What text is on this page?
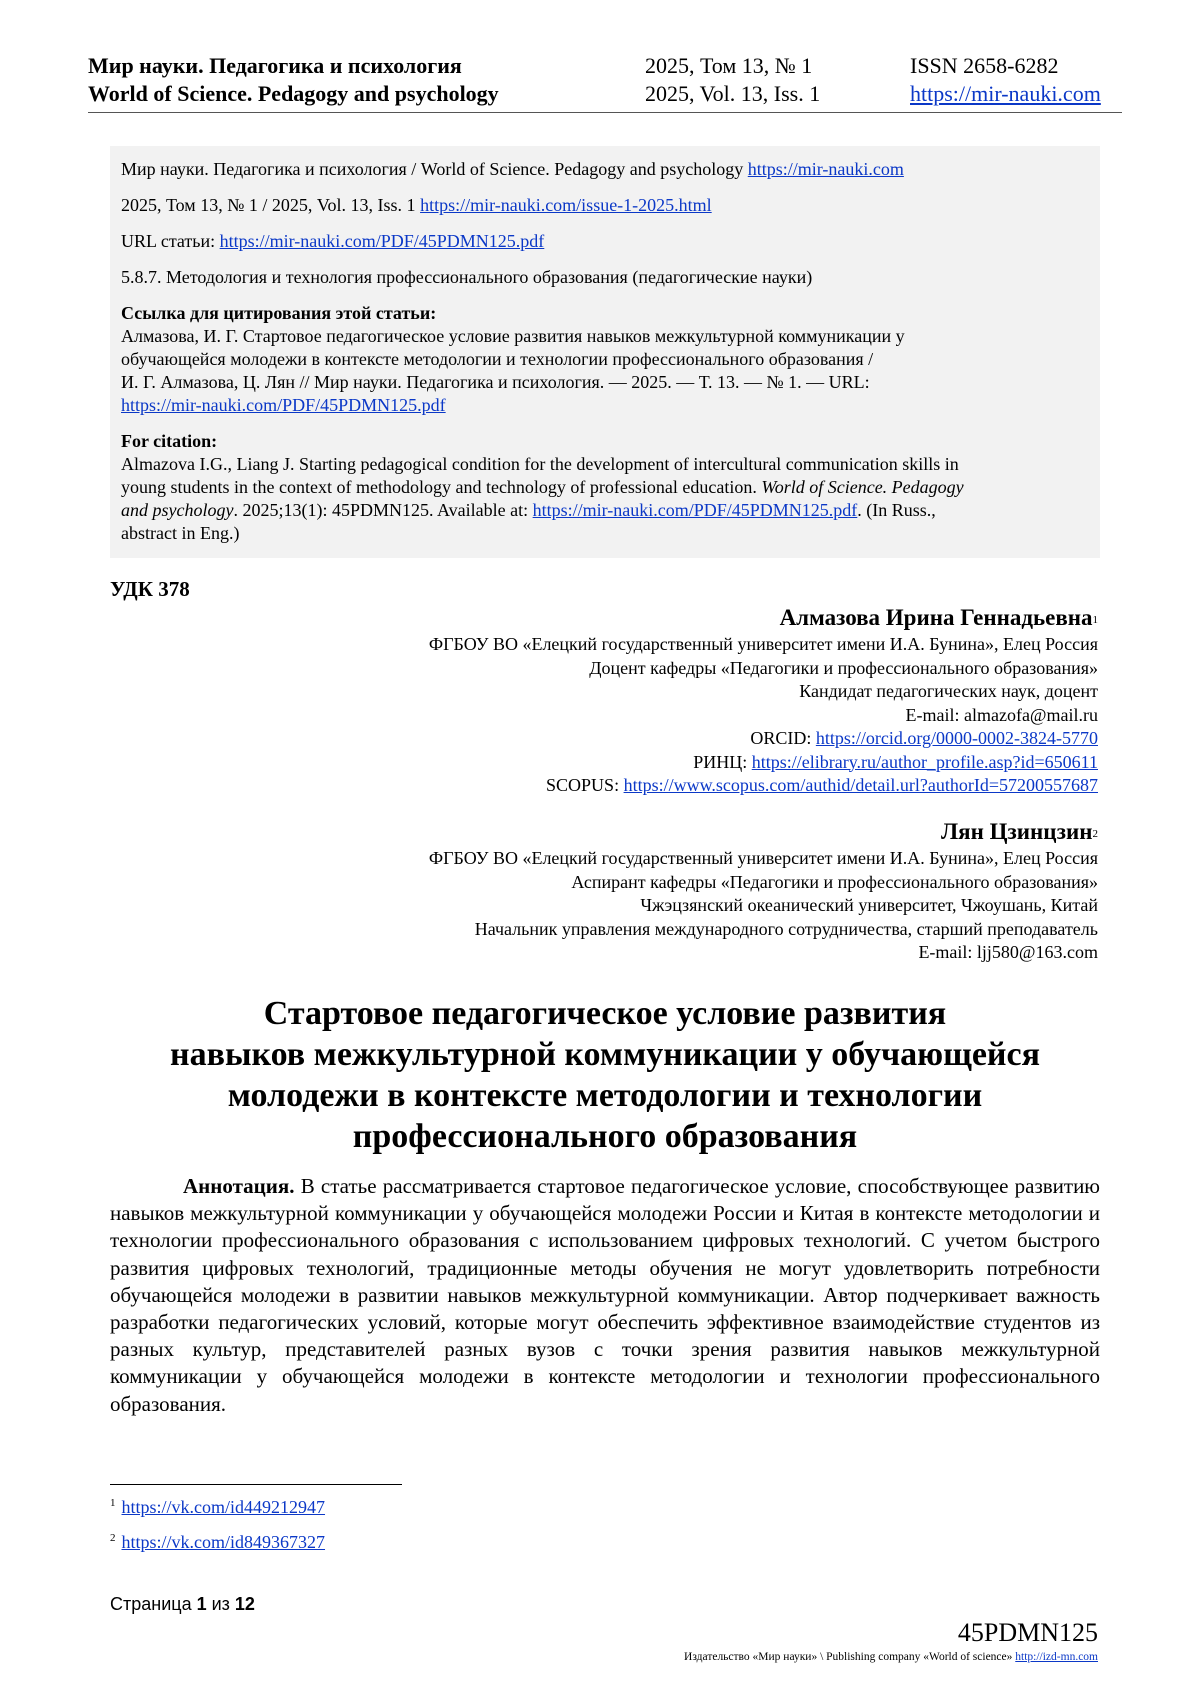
Мир науки. Педагогика и психология
World of Science. Pedagogy and psychology
2025, Том 13, № 1
2025, Vol. 13, Iss. 1
ISSN 2658-6282
https://mir-nauki.com

Мир науки. Педагогика и психология / World of Science. Pedagogy and psychology https://mir-nauki.com

2025, Том 13, № 1 / 2025, Vol. 13, Iss. 1 https://mir-nauki.com/issue-1-2025.html

URL статьи: https://mir-nauki.com/PDF/45PDMN125.pdf

5.8.7. Методология и технология профессионального образования (педагогические науки)

Ссылка для цитирования этой статьи:

Алмазова, И. Г. Стартовое педагогическое условие развития навыков межкультурной коммуникации у

обучающейся молодежи в контексте методологии и технологии профессионального образования /

И. Г. Алмазова, Ц. Лян // Мир науки. Педагогика и психология. — 2025. — Т. 13. — № 1. — URL:

https://mir-nauki.com/PDF/45PDMN125.pdf

For citation:

Almazova I.G., Liang J. Starting pedagogical condition for the development of intercultural communication skills in

young students in the context of methodology and technology of professional education. World of Science. Pedagogy

and psychology. 2025;13(1): 45PDMN125. Available at: https://mir-nauki.com/PDF/45PDMN125.pdf. (In Russ.,

abstract in Eng.)

УДК 378
Алмазова Ирина Геннадьевна$^1$
ФГБОУ ВО «Елецкий государственный университет имени И.А. Бунина», Елец Россия
Доцент кафедры «Педагогики и профессионального образования»
Кандидат педагогических наук, доцент
E-mail: almazofa@mail.ru
ORCID: https://orcid.org/0000-0002-3824-5770
РИНЦ: https://elibrary.ru/author_profile.asp?id=650611
SCOPUS: https://www.scopus.com/authid/detail.url?authorId=57200557687
Лян Цзинцзин$^2$
ФГБОУ ВО «Елецкий государственный университет имени И.А. Бунина», Елец Россия
Аспирант кафедры «Педагогики и профессионального образования»
Чжэцзянский океанический университет, Чжоушань, Китай
Начальник управления международного сотрудничества, старший преподаватель
E-mail: ljj580@163.com
Стартовое педагогическое условие развития
навыков межкультурной коммуникации у обучающейся
молодежи в контексте методологии и технологии
профессионального образования

Аннотация. В статье рассматривается стартовое педагогическое условие, способствующее развитию навыков межкультурной коммуникации у обучающейся молодежи России и Китая в контексте методологии и технологии профессионального образования с использованием цифровых технологий. С учетом быстрого развития цифровых технологий, традиционные методы обучения не могут удовлетворить потребности обучающейся молодежи в развитии навыков межкультурной коммуникации. Автор подчеркивает важность разработки педагогических условий, которые могут обеспечить эффективное взаимодействие студентов из разных культур, представителей разных вузов с точки зрения развития навыков межкультурной коммуникации у обучающейся молодежи в контексте методологии и технологии профессионального образования.

$^1$ https://vk.com/id449212947
$^2$ https://vk.com/id849367327
Страница 1 из 12
45PDMN125
Издательство «Мир науки» \ Publishing company «World of science» http://izd-mn.com
